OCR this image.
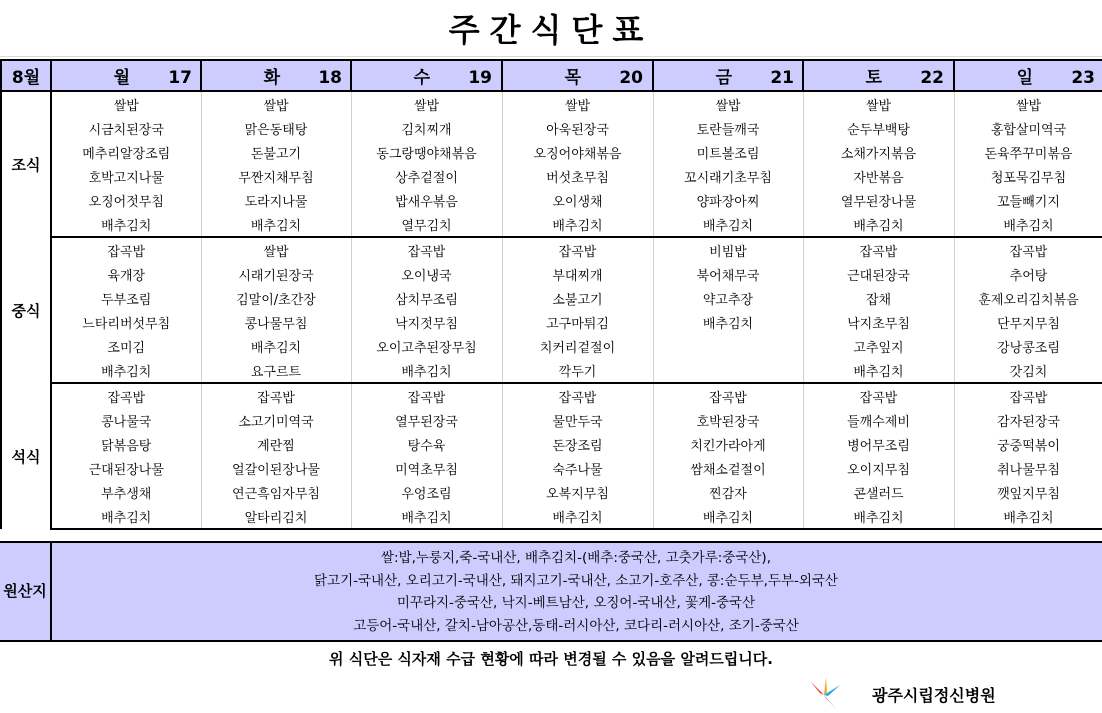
주간식단표
8월	월 17	화 18	수 19	목 20	금 21	토 22	일 23
조식	쌀밥	쌀밥	쌀밥	쌀밥	쌀밥	쌀밥	쌀밥
	시금치된장국	맑은동태탕	김치찌개	아욱된장국	토란들깨국	순두부백탕	홍합살미역국
	메추리알장조림	돈불고기	동그랑땡야채볶음	오징어야채볶음	미트볼조림	소채가지볶음	돈육쭈꾸미볶음
	호박고지나물	무짠지채무침	상추겉절이	버섯초무침	꼬시래기초무침	자반볶음	청포묵김무침
	오징어젓무침	도라지나물	밥새우볶음	오이생채	양파장아찌	열무된장나물	꼬들빼기지
	배추김치	배추김치	열무김치	배추김치	배추김치	배추김치	배추김치
중식	잡곡밥	쌀밥	잡곡밥	잡곡밥	비빔밥	잡곡밥	잡곡밥
	육개장	시래기된장국	오이냉국	부대찌개	북어채무국	근대된장국	추어탕
	두부조림	김말이/초간장	삼치무조림	소불고기	약고추장	잡채	훈제오리김치볶음
	느타리버섯무침	콩나물무침	낙지젓무침	고구마튀김	배추김치	낙지초무침	단무지무침
	조미김	배추김치	오이고추된장무침	치커리겉절이		고추잎지	강낭콩조림
	배추김치	요구르트	배추김치	깍두기		배추김치	갓김치
석식	잡곡밥	잡곡밥	잡곡밥	잡곡밥	잡곡밥	잡곡밥	잡곡밥
	콩나물국	소고기미역국	열무된장국	물만두국	호박된장국	들깨수제비	감자된장국
	닭볶음탕	계란찜	탕수육	돈장조림	치킨가라아게	병어무조림	궁중떡볶이
	근대된장나물	얼갈이된장나물	미역초무침	숙주나물	쌈채소겉절이	오이지무침	취나물무침
	부추생채	연근흑임자무침	우엉조림	오복지무침	찐감자	콘샐러드	깻잎지무침
	배추김치	알타리김치	배추김치	배추김치	배추김치	배추김치	배추김치
원산지
쌀:밥,누룽지,죽-국내산, 배추김치-(배추:중국산, 고춧가루:중국산),
닭고기-국내산, 오리고기-국내산, 돼지고기-국내산, 소고기-호주산, 콩:순두부,두부-외국산
미꾸라지-중국산, 낙지-베트남산, 오징어-국내산, 꽃게-중국산
고등어-국내산, 갈치-남아공산,동태-러시아산, 코다리-러시아산, 조기-중국산
위 식단은 식자재 수급 현황에 따라 변경될 수 있음을 알려드립니다.
광주시립정신병원
